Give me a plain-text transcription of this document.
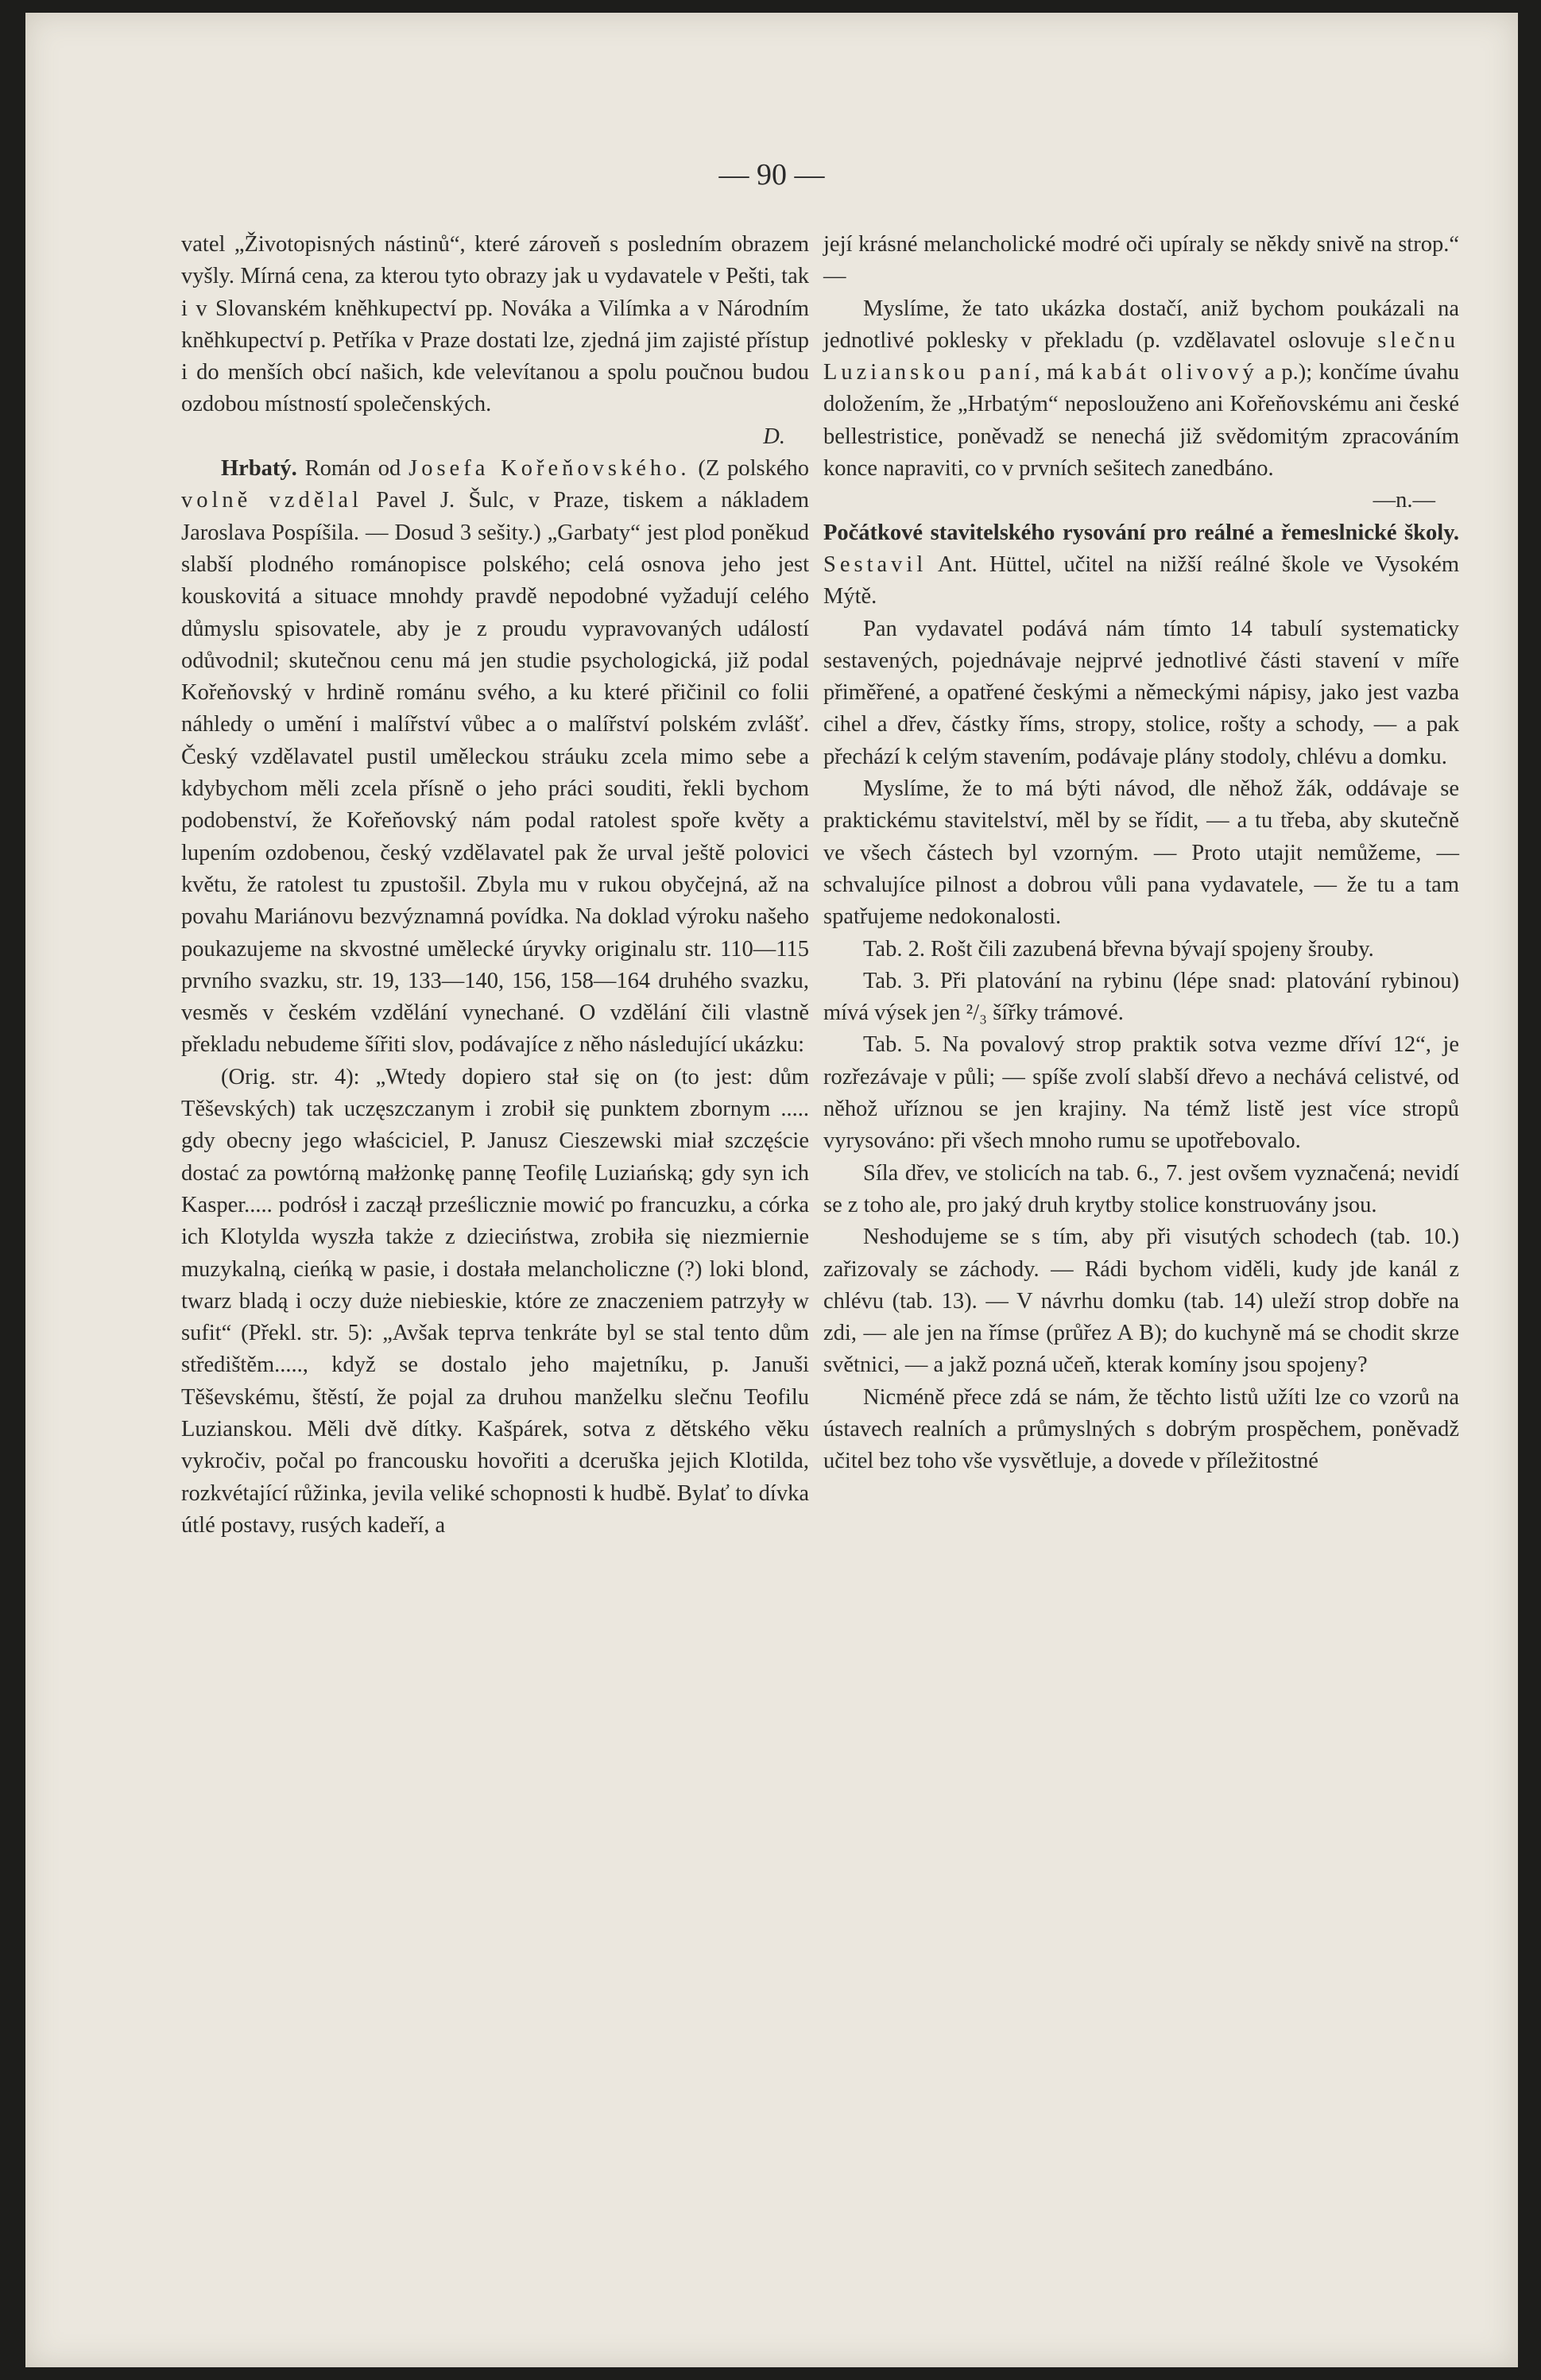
— 90 —

vatel „Životopisných nástinů“, které zároveň s posledním obrazem vyšly. Mírná cena, za kterou tyto obrazy jak u vydavatele v Pešti, tak i v Slovanském kněhkupectví pp. Nováka a Vilímka a v Národním kněhkupectví p. Petříka v Praze dostati lze, zjedná jim zajisté přístup i do menších obcí našich, kde velevítanou a spolu poučnou budou ozdobou místností společenských.

D.

Hrbatý. Román od Josefa Kořeňovského. (Z polského volně vzdělal Pavel J. Šulc, v Praze, tiskem a nákladem Jaroslava Pospíšila. — Dosud 3 sešity.) „Garbaty“ jest plod poněkud slabší plodného románopisce polského; celá osnova jeho jest kouskovitá a situace mnohdy pravdě nepodobné vyžadují celého důmyslu spisovatele, aby je z proudu vypravovaných událostí odůvodnil; skutečnou cenu má jen studie psychologická, již podal Kořeňovský v hrdině románu svého, a ku které přičinil co folii náhledy o umění i malířství vůbec a o malířství polském zvlášť. Český vzdělavatel pustil uměleckou stráuku zcela mimo sebe a kdybychom měli zcela přísně o jeho práci souditi, řekli bychom podobenství, že Kořeňovský nám podal ratolest spoře květy a lupením ozdobenou, český vzdělavatel pak že urval ještě polovici květu, že ratolest tu zpustošil. Zbyla mu v rukou obyčejná, až na povahu Mariánovu bezvýznamná povídka. Na doklad výroku našeho poukazujeme na skvostné umělecké úryvky originalu str. 110—115 prvního svazku, str. 19, 133—140, 156, 158—164 druhého svazku, vesměs v českém vzdělání vynechané. O vzdělání čili vlastně překladu nebudeme šířiti slov, podávajíce z něho následující ukázku:

(Orig. str. 4): „Wtedy dopiero stał się on (to jest: dům Těševských) tak uczęszczanym i zrobił się punktem zbornym ..... gdy obecny jego właściciel, P. Janusz Cieszewski miał szczęście dostać za powtórną małżonkę pannę Teofilę Luziańską; gdy syn ich Kasper..... podrósł i zaczął prześlicznie mowić po francuzku, a córka ich Klotylda wyszła także z dzieciństwa, zrobiła się niezmiernie muzykalną, cieńką w pasie, i dostała melancholiczne (?) loki blond, twarz bladą i oczy duże niebieskie, które ze znaczeniem patrzyły w sufit“ (Překl. str. 5): „Avšak teprva tenkráte byl se stal tento dům středištěm....., když se dostalo jeho majetníku, p. Januši Těševskému, štěstí, že pojal za druhou manželku slečnu Teofilu Luzianskou. Měli dvě dítky. Kašpárek, sotva z dětského věku vykročiv, počal po francousku hovořiti a dceruška jejich Klotilda, rozkvétající růžinka, jevila veliké schopnosti k hudbě. Bylať to dívka útlé postavy, rusých kadeří, a

její krásné melancholické modré oči upíraly se někdy snivě na strop.“ —

Myslíme, že tato ukázka dostačí, aniž bychom poukázali na jednotlivé poklesky v překladu (p. vzdělavatel oslovuje slečnu Luzianskou paní, má kabát olivový a p.); končíme úvahu doložením, že „Hrbatým“ neposlouženo ani Kořeňovskému ani české bellestristice, poněvadž se nenechá již svědomitým zpracováním konce napraviti, co v prvních sešitech zanedbáno.

—n.—

Počátkové stavitelského rysování pro reálné a řemeslnické školy. Sestavil Ant. Hüttel, učitel na nižší reálné škole ve Vysokém Mýtě.

Pan vydavatel podává nám tímto 14 tabulí systematicky sestavených, pojednávaje nejprvé jednotlivé části stavení v míře přiměřené, a opatřené českými a německými nápisy, jako jest vazba cihel a dřev, částky říms, stropy, stolice, rošty a schody, — a pak přechází k celým stavením, podávaje plány stodoly, chlévu a domku.

Myslíme, že to má býti návod, dle něhož žák, oddávaje se praktickému stavitelství, měl by se řídit, — a tu třeba, aby skutečně ve všech částech byl vzorným. — Proto utajit nemůžeme, — schvalujíce pilnost a dobrou vůli pana vydavatele, — že tu a tam spatřujeme nedokonalosti.

Tab. 2. Rošt čili zazubená břevna bývají spojeny šrouby.

Tab. 3. Při platování na rybinu (lépe snad: platování rybinou) mívá výsek jen ²/₃ šířky trámové.

Tab. 5. Na povalový strop praktik sotva vezme dříví 12“, je rozřezávaje v půli; — spíše zvolí slabší dřevo a nechává celistvé, od něhož uříznou se jen krajiny. Na témž listě jest více stropů vyrysováno: při všech mnoho rumu se upotřebovalo.

Síla dřev, ve stolicích na tab. 6., 7. jest ovšem vyznačená; nevidí se z toho ale, pro jaký druh krytby stolice konstruovány jsou.

Neshodujeme se s tím, aby při visutých schodech (tab. 10.) zařizovaly se záchody. — Rádi bychom viděli, kudy jde kanál z chlévu (tab. 13). — V návrhu domku (tab. 14) uleží strop dobře na zdi, — ale jen na římse (průřez A B); do kuchyně má se chodit skrze světnici, — a jakž pozná učeň, kterak komíny jsou spojeny?

Nicméně přece zdá se nám, že těchto listů užíti lze co vzorů na ústavech realních a průmyslných s dobrým prospěchem, poněvadž učitel bez toho vše vysvětluje, a dovede v příležitostné
